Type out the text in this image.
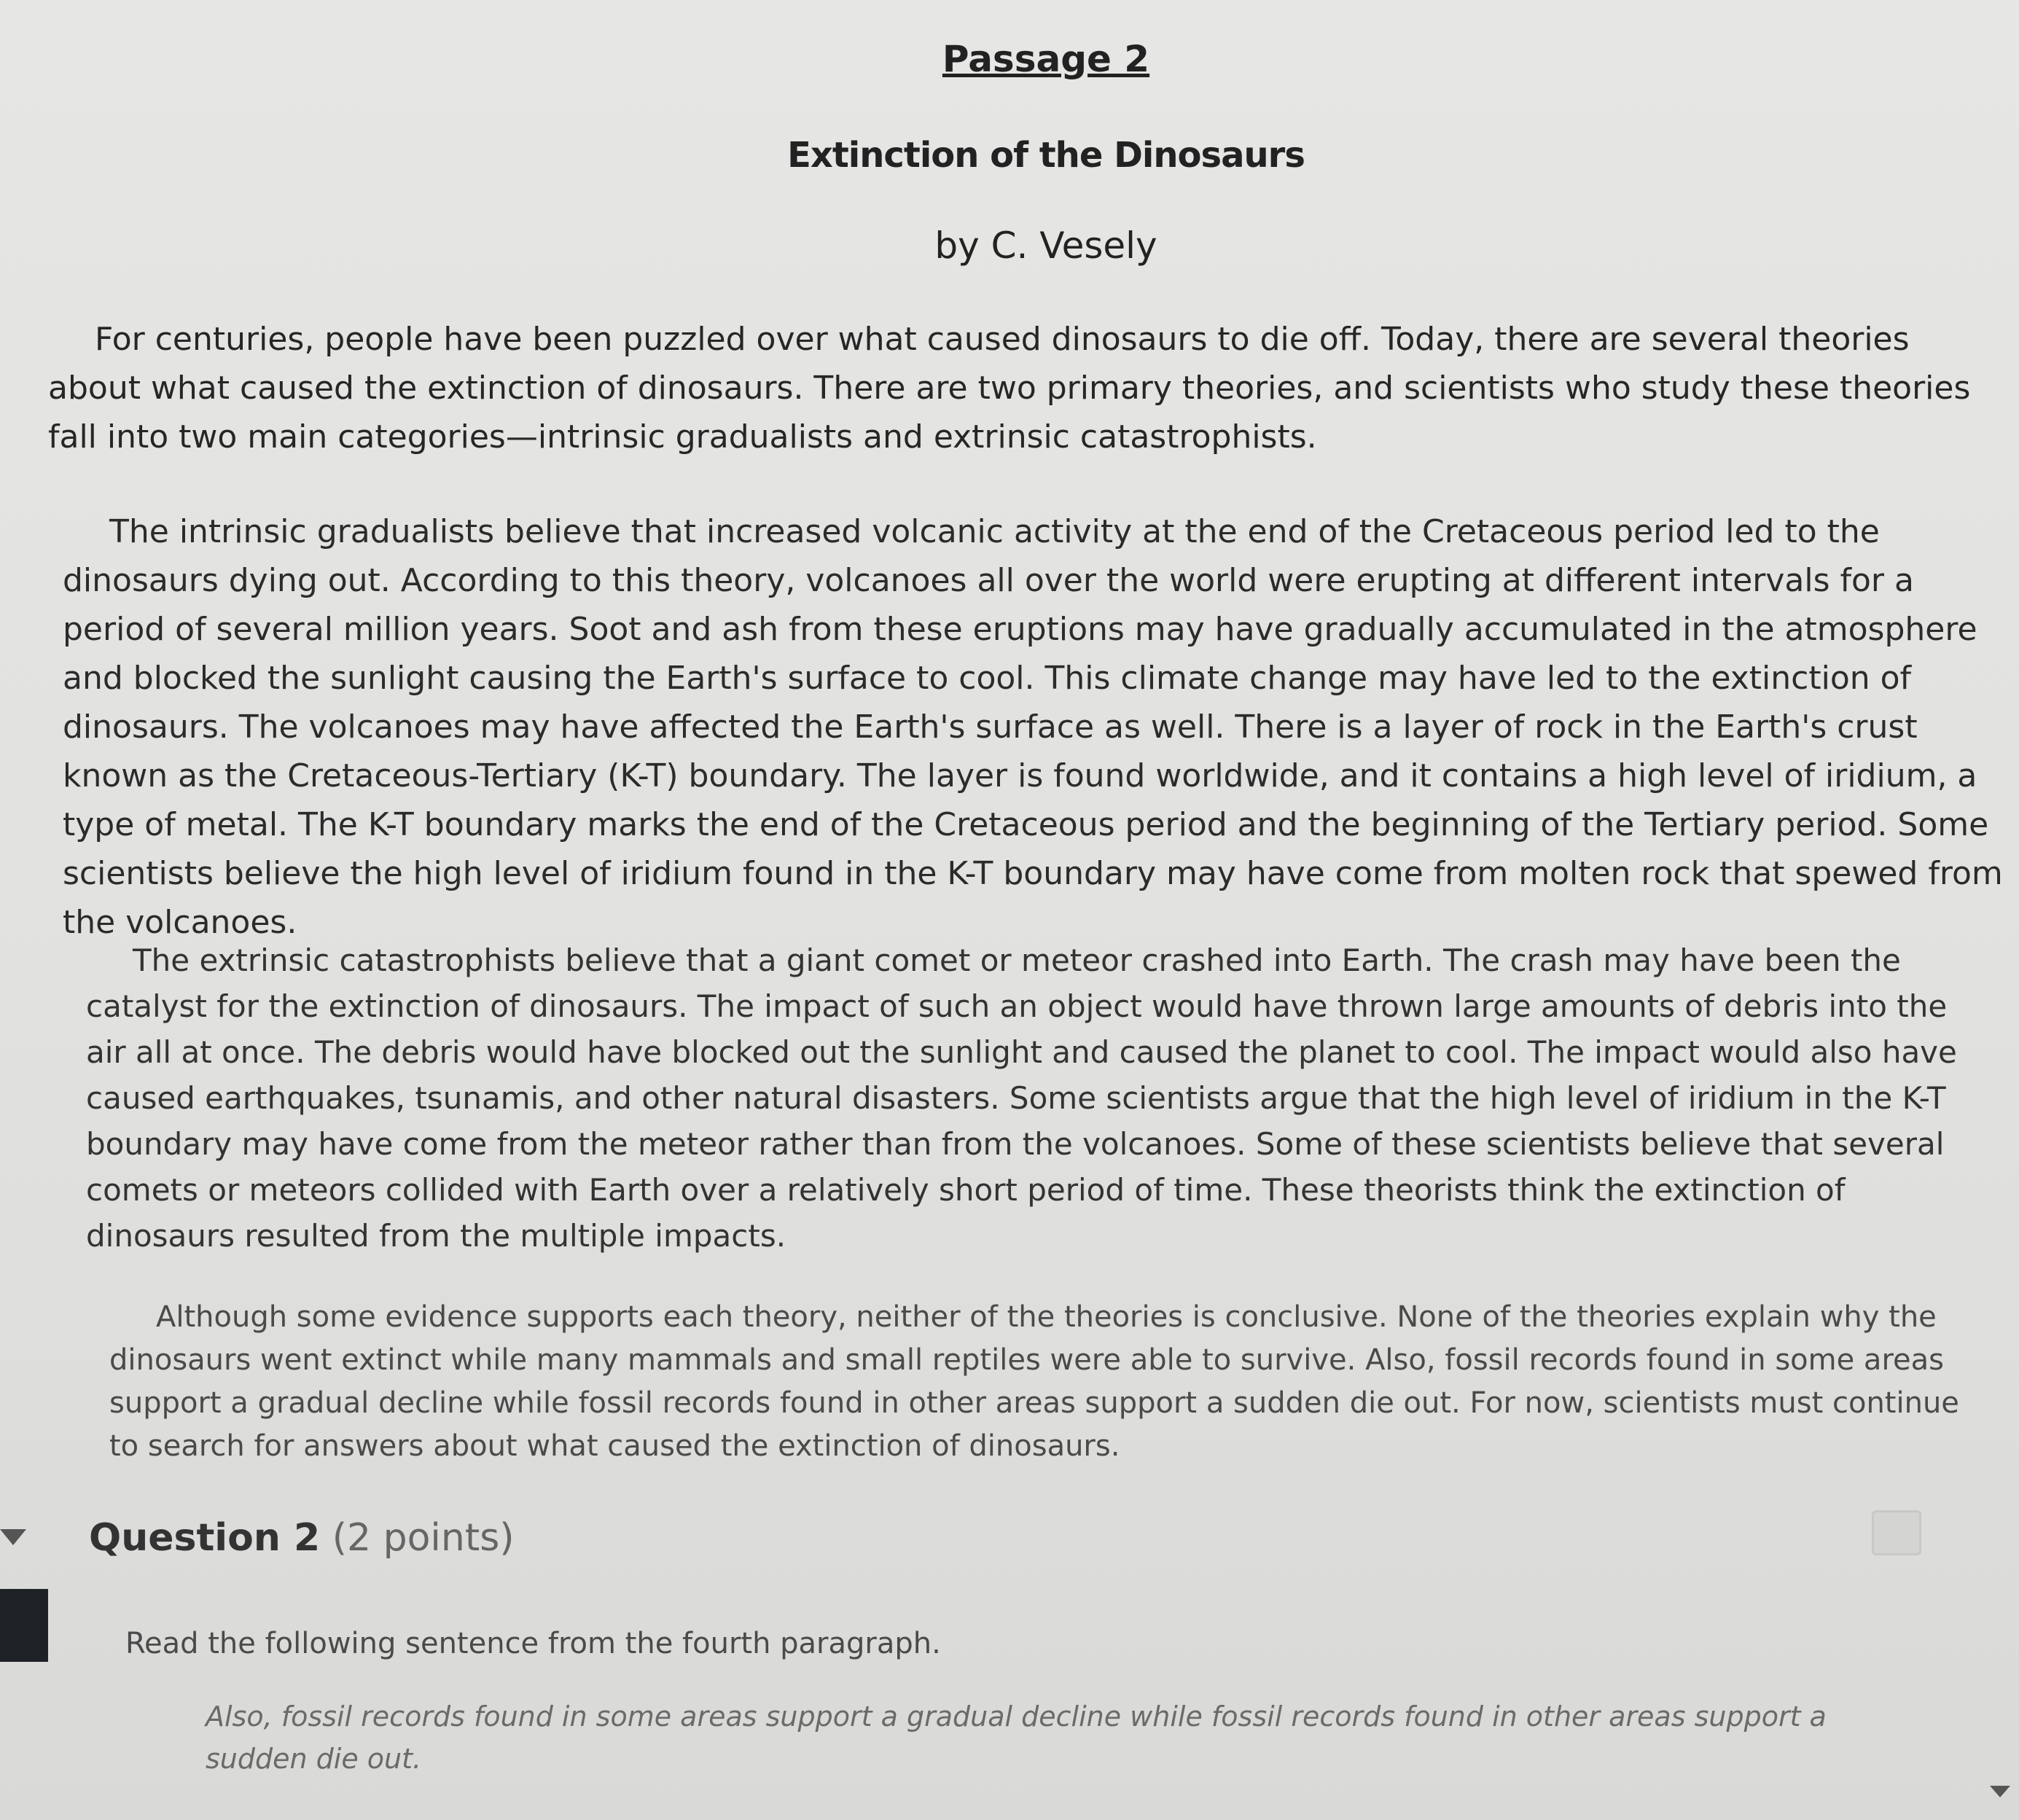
Passage 2
Extinction of the Dinosaurs
by C. Vesely

For centuries, people have been puzzled over what caused dinosaurs to die off. Today, there are several theories about what caused the extinction of dinosaurs. There are two primary theories, and scientists who study these theories fall into two main categories—intrinsic gradualists and extrinsic catastrophists.

The intrinsic gradualists believe that increased volcanic activity at the end of the Cretaceous period led to the dinosaurs dying out. According to this theory, volcanoes all over the world were erupting at different intervals for a period of several million years. Soot and ash from these eruptions may have gradually accumulated in the atmosphere and blocked the sunlight causing the Earth's surface to cool. This climate change may have led to the extinction of dinosaurs. The volcanoes may have affected the Earth's surface as well. There is a layer of rock in the Earth's crust known as the Cretaceous-Tertiary (K-T) boundary. The layer is found worldwide, and it contains a high level of iridium, a type of metal. The K-T boundary marks the end of the Cretaceous period and the beginning of the Tertiary period. Some scientists believe the high level of iridium found in the K-T boundary may have come from molten rock that spewed from the volcanoes.

The extrinsic catastrophists believe that a giant comet or meteor crashed into Earth. The crash may have been the catalyst for the extinction of dinosaurs. The impact of such an object would have thrown large amounts of debris into the air all at once. The debris would have blocked out the sunlight and caused the planet to cool. The impact would also have caused earthquakes, tsunamis, and other natural disasters. Some scientists argue that the high level of iridium in the K-T boundary may have come from the meteor rather than from the volcanoes. Some of these scientists believe that several comets or meteors collided with Earth over a relatively short period of time. These theorists think the extinction of dinosaurs resulted from the multiple impacts.

Although some evidence supports each theory, neither of the theories is conclusive. None of the theories explain why the dinosaurs went extinct while many mammals and small reptiles were able to survive. Also, fossil records found in some areas support a gradual decline while fossil records found in other areas support a sudden die out. For now, scientists must continue to search for answers about what caused the extinction of dinosaurs.

Question 2 (2 points)
Read the following sentence from the fourth paragraph.
Also, fossil records found in some areas support a gradual decline while fossil records found in other areas support a sudden die out.
